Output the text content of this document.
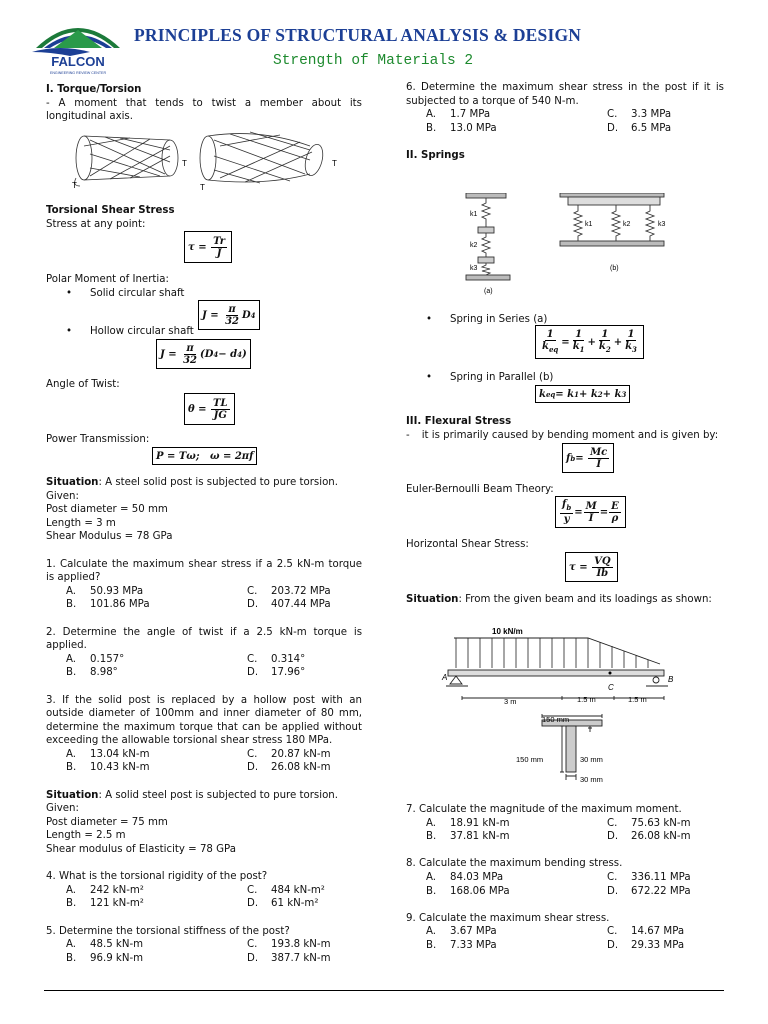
FALCON
ENGINEERING REVIEW CENTER
PRINCIPLES OF STRUCTURAL ANALYSIS & DESIGN
Strength of Materials 2

I. Torque/Torsion

- A moment that tends to twist a member about its longitudinal axis.

T
T
T
T

Torsional Shear Stress

Stress at any point:

$\tau = \frac{Tr}{J}$

Polar Moment of Inertia:

• Solid circular shaft

$J = \frac{\pi}{32}$ D 4

• Hollow circular shaft

$J = \frac{\pi}{32} (D$ 4 − d 4 )

Angle of Twist:

$\theta = \frac{TL}{JG}$

Power Transmission:

P = Tω;   ω = 2πf

Situation: A steel solid post is subjected to pure torsion.

Given:

Post diameter = 50 mm

Length = 3 m

Shear Modulus = 78 GPa

1. Calculate the maximum shear stress if a 2.5 kN-m torque is applied?

A.	50.93 MPa	C.	203.72 MPa
B.	101.86 MPa	D.	407.44 MPa

2. Determine the angle of twist if a 2.5 kN-m torque is applied.

A.	0.157°	C.	0.314°
B.	8.98°	D.	17.96°

3. If the solid post is replaced by a hollow post with an outside diameter of 100mm and inner diameter of 80 mm, determine the maximum torque that can be applied without exceeding the allowable torsional shear stress 180 MPa.

A.	13.04 kN-m	C.	20.87 kN-m
B.	10.43 kN-m	D.	26.08 kN-m

Situation: A solid steel post is subjected to pure torsion.

Given:

Post diameter = 75 mm

Length = 2.5 m

Shear modulus of Elasticity = 78 GPa

4. What is the torsional rigidity of the post?

A.	242 kN-m²	C.	484 kN-m²
B.	121 kN-m²	D.	61 kN-m²

5. Determine the torsional stiffness of the post?

A.	48.5 kN-m	C.	193.8 kN-m
B.	96.9 kN-m	D.	387.7 kN-m

6. Determine the maximum shear stress in the post if it is subjected to a torque of 540 N-m.

A.	1.7 MPa	C.	3.3 MPa
B.	13.0 MPa	D.	6.5 MPa

II. Springs

k1
k2
k3
(a)
k1	k2	k3
(b)

• Spring in Series (a)

$\frac{1}{k_{eq}} = \frac{1}{k_1} + \frac{1}{k_2} + \frac{1}{k_3}$

• Spring in Parallel (b)

k eq = k 1 + k 2 + k 3

III. Flexural Stress

- it is primarily caused by bending moment and is given by:

f $b = \frac{Mc}{I}$

Euler-Bernoulli Beam Theory:

$\frac{f_b}{y} = \frac{M}{I} = \frac{E}{\rho}$

Horizontal Shear Stress:

$\tau = \frac{VQ}{Ib}$

Situation: From the given beam and its loadings as shown:

10 kN/m
A	B
C
3 m	1.5 m	1.5 m
150 mm
150 mm	30 mm
30 mm

7. Calculate the magnitude of the maximum moment.

A.	18.91 kN-m	C.	75.63 kN-m
B.	37.81 kN-m	D.	26.08 kN-m

8. Calculate the maximum bending stress.

A.	84.03 MPa	C.	336.11 MPa
B.	168.06 MPa	D.	672.22 MPa

9. Calculate the maximum shear stress.

A.	3.67 MPa	C.	14.67 MPa
B.	7.33 MPa	D.	29.33 MPa
